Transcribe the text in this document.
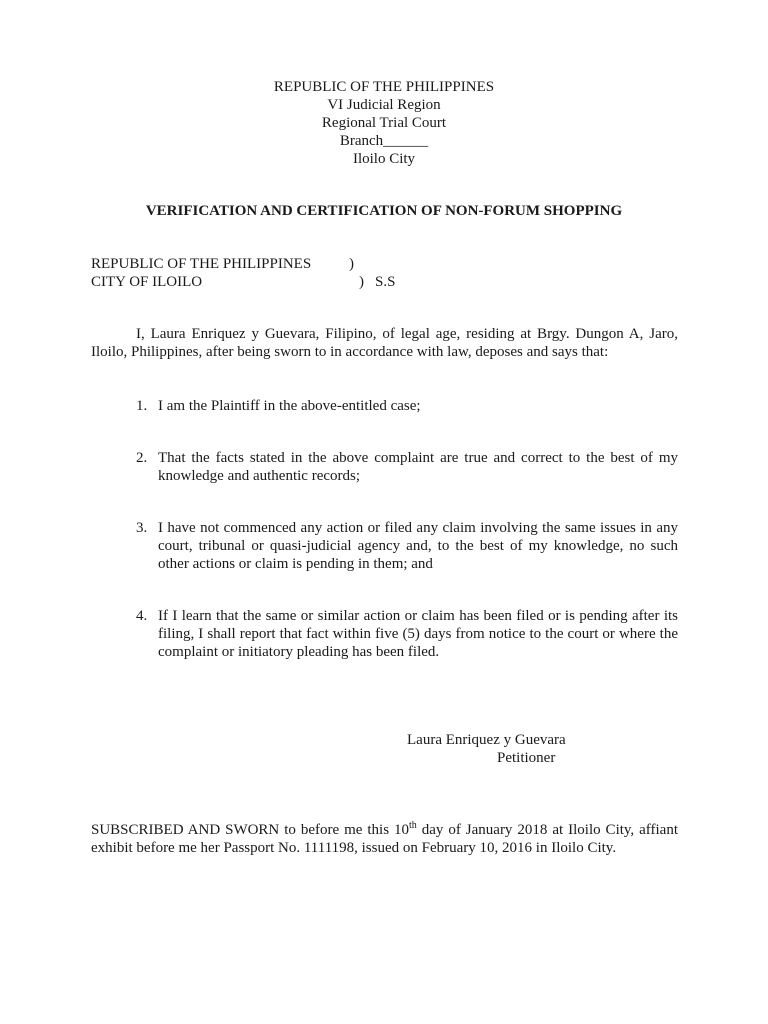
REPUBLIC OF THE PHILIPPINES
VI Judicial Region
Regional Trial Court
Branch______
Iloilo City
VERIFICATION AND CERTIFICATION OF NON-FORUM SHOPPING
REPUBLIC OF THE PHILIPPINES	)
CITY OF ILOILO	) S.S
I, Laura Enriquez y Guevara, Filipino, of legal age, residing at Brgy. Dungon A, Jaro, Iloilo, Philippines, after being sworn to in accordance with law, deposes and says that:
1. I am the Plaintiff in the above-entitled case;
2. That the facts stated in the above complaint are true and correct to the best of my knowledge and authentic records;
3. I have not commenced any action or filed any claim involving the same issues in any court, tribunal or quasi-judicial agency and, to the best of my knowledge, no such other actions or claim is pending in them; and
4. If I learn that the same or similar action or claim has been filed or is pending after its filing, I shall report that fact within five (5) days from notice to the court or where the complaint or initiatory pleading has been filed.
Laura Enriquez y Guevara
Petitioner
SUBSCRIBED AND SWORN to before me this 10th day of January 2018 at Iloilo City, affiant exhibit before me her Passport No. 1111198, issued on February 10, 2016 in Iloilo City.
